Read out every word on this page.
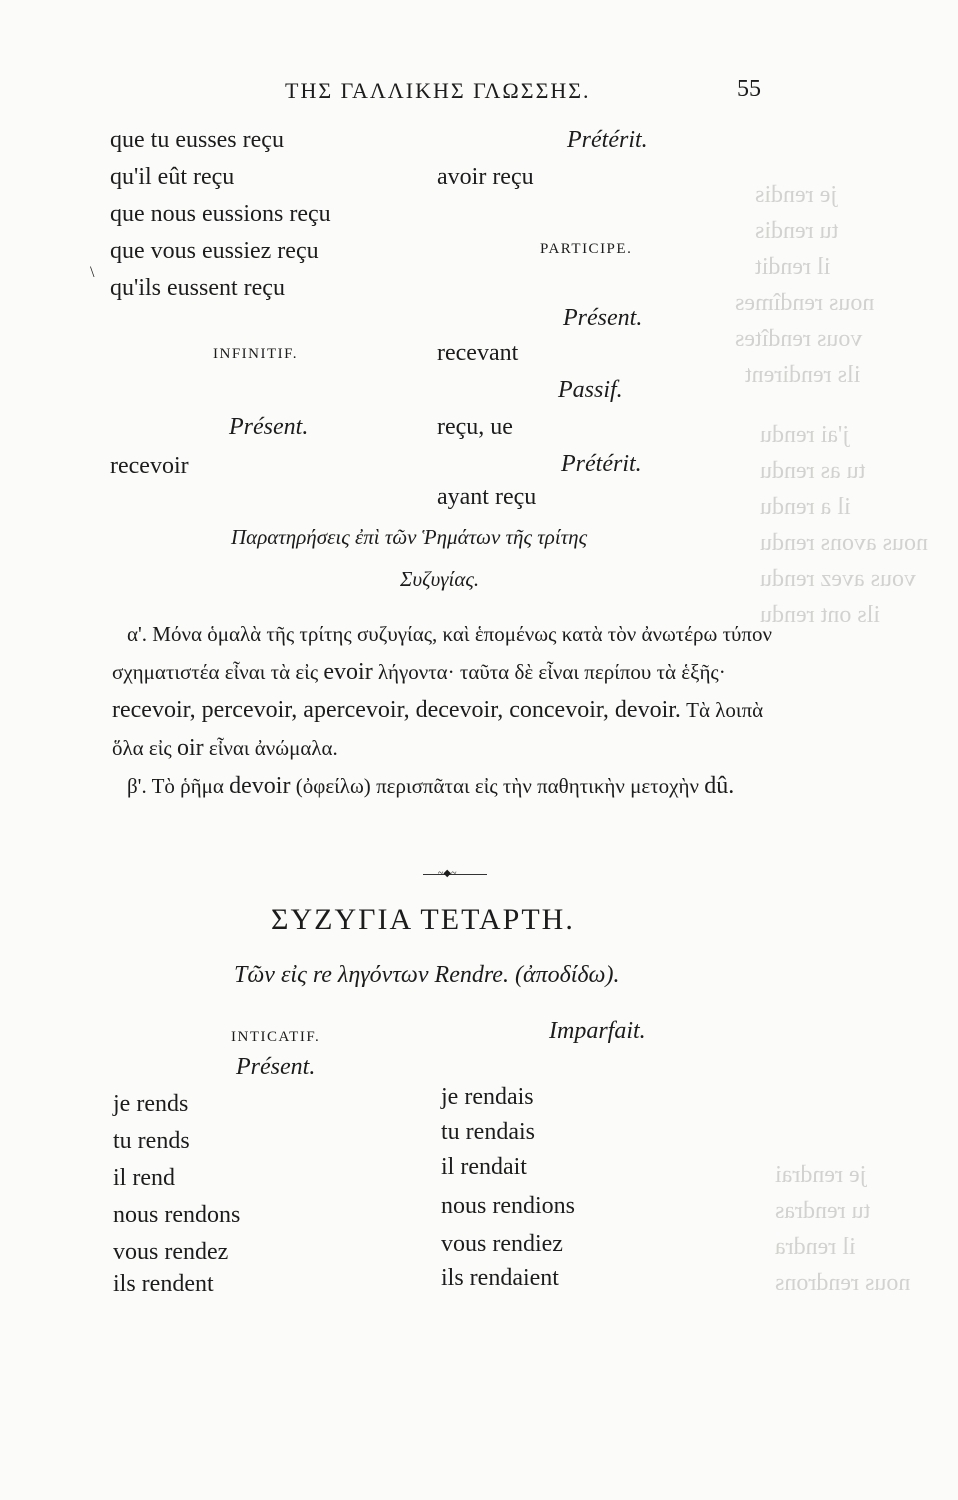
je rendis
tu rendis
il rendit
nous rendîmes
vous rendîtes
ils rendirent
j'ai rendu
tu as rendu
il a rendu
nous avons rendu
vous avez rendu
ils ont rendu
je rendrai
tu rendras
il rendra
nous rendrons
ΤΗΣ ΓΑΛΛΙΚΗΣ ΓΛΩΣΣΗΣ.	55
que tu eusses reçu
qu'il eût reçu
que nous eussions reçu
que vous eussiez reçu
qu'ils eussent reçu
\
INFINITIF.
Présent.
recevoir
Prétérit.
avoir reçu
PARTICIPE.
Présent.
recevant
Passif.
reçu, ue
Prétérit.
ayant reçu
Παρατηρήσεις ἐπὶ τῶν Ῥημάτων τῆς τρίτης
Συζυγίας.
α'. Μόνα ὁμαλὰ τῆς τρίτης συζυγίας, καὶ ἑπομένως κατὰ τὸν ἀνωτέρω τύπον σχηματιστέα εἶναι τὰ εἰς evoir λήγοντα· ταῦτα δὲ εἶναι περίπου τὰ ἑξῆς· recevoir, percevoir, apercevoir, decevoir, concevoir, devoir. Τὰ λοιπὰ ὅλα εἰς oir εἶναι ἀνώμαλα.
β'. Τὸ ῥῆμα devoir (ὀφείλω) περισπᾶται εἰς τὴν παθητικὴν μετοχὴν dû.
~◆~
ΣΥΖΥΓΙΑ ΤΕΤΑΡΤΗ.
Τῶν εἰς re ληγόντων Rendre. (ἀποδίδω).
INTICATIF.	Imparfait.
Présent.
je rends
tu rends
il rend
nous rendons
vous rendez
ils rendent
je rendais
tu rendais
il rendait
nous rendions
vous rendiez
ils rendaient
